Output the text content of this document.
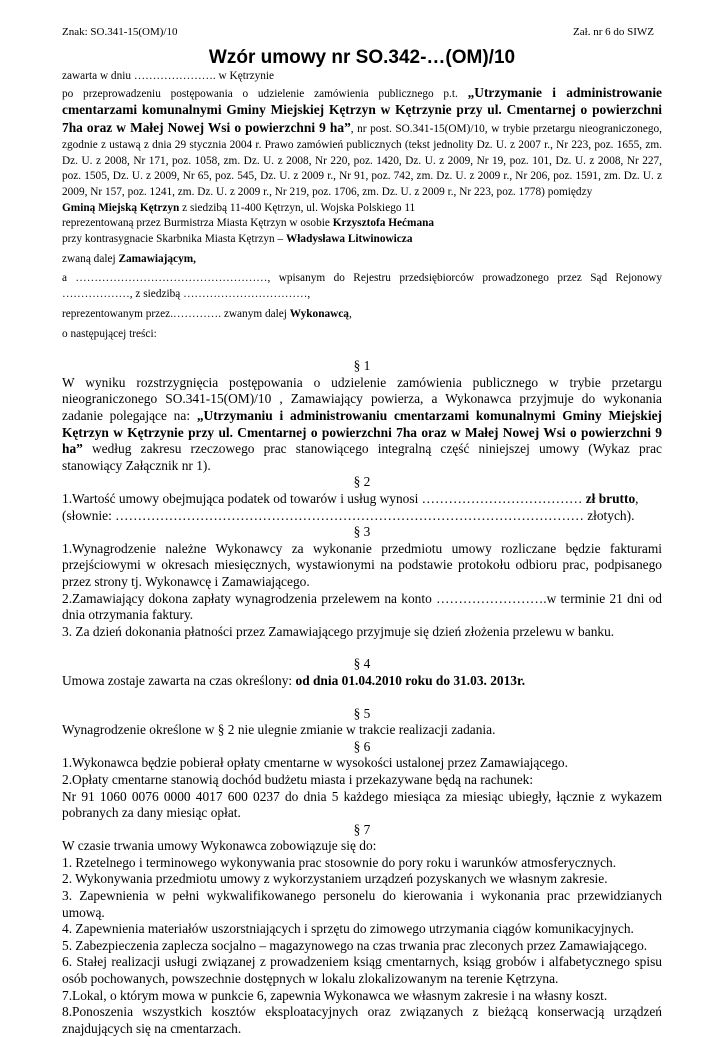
Znak: SO.341-15(OM)/10	Zał. nr 6 do SIWZ
Wzór umowy nr SO.342-…(OM)/10

zawarta w dniu …………………. w Kętrzynie

po przeprowadzeniu postępowania o udzielenie zamówienia publicznego p.t. „Utrzymanie i administrowanie cmentarzami komunalnymi Gminy Miejskiej Kętrzyn w Kętrzynie przy ul. Cmentarnej o powierzchni 7ha oraz w Małej Nowej Wsi o powierzchni 9 ha”, nr post. SO.341-15(OM)/10, w trybie przetargu nieograniczonego, zgodnie z ustawą z dnia 29 stycznia 2004 r. Prawo zamówień publicznych (tekst jednolity Dz. U. z 2007 r., Nr 223, poz. 1655, zm. Dz. U. z 2008, Nr 171, poz. 1058, zm. Dz. U. z 2008, Nr 220, poz. 1420, Dz. U. z 2009, Nr 19, poz. 101, Dz. U. z 2008, Nr 227, poz. 1505, Dz. U. z 2009, Nr 65, poz. 545, Dz. U. z 2009 r., Nr 91, poz. 742, zm. Dz. U. z 2009 r., Nr 206, poz. 1591, zm. Dz. U. z 2009, Nr 157, poz. 1241, zm. Dz. U. z 2009 r., Nr 219, poz. 1706, zm. Dz. U. z 2009 r., Nr 223, poz. 1778) pomiędzy

Gminą Miejską Kętrzyn z siedzibą 11-400 Kętrzyn, ul. Wojska Polskiego 11

reprezentowaną przez Burmistrza Miasta Kętrzyn w osobie Krzysztofa Hećmana

przy kontrasygnacie Skarbnika Miasta Kętrzyn – Władysława Litwinowicza

zwaną dalej Zamawiającym,

a ……………………………………………, wpisanym do Rejestru przedsiębiorców prowadzonego przez Sąd Rejonowy ………………, z siedzibą ……………………………,

reprezentowanym przez.…………. zwanym dalej Wykonawcą,

o następującej treści:

§ 1

W wyniku rozstrzygnięcia postępowania o udzielenie zamówienia publicznego w trybie przetargu nieograniczonego SO.341-15(OM)/10 , Zamawiający powierza, a Wykonawca przyjmuje do wykonania zadanie polegające na: „Utrzymaniu i administrowaniu cmentarzami komunalnymi Gminy Miejskiej Kętrzyn w Kętrzynie przy ul. Cmentarnej o powierzchni 7ha oraz w Małej Nowej Wsi o powierzchni 9 ha” według zakresu rzeczowego prac stanowiącego integralną część niniejszej umowy (Wykaz prac stanowiący Załącznik nr 1).

§ 2

1.Wartość umowy obejmująca podatek od towarów i usług wynosi ……………………………… zł brutto,

(słownie: …………………………………………………………………………………………… złotych).

§ 3

1.Wynagrodzenie należne Wykonawcy za wykonanie przedmiotu umowy rozliczane będzie fakturami przejściowymi w okresach miesięcznych, wystawionymi na podstawie protokołu odbioru prac, podpisanego przez strony tj. Wykonawcę i Zamawiającego.

2.Zamawiający dokona zapłaty wynagrodzenia przelewem na konto …………………….w terminie 21 dni od dnia otrzymania faktury.

3. Za dzień dokonania płatności przez Zamawiającego przyjmuje się dzień złożenia przelewu w banku.

§ 4

Umowa zostaje zawarta na czas określony: od dnia 01.04.2010 roku do 31.03. 2013r.

§ 5

Wynagrodzenie określone w § 2 nie ulegnie zmianie w trakcie realizacji zadania.

§ 6

1.Wykonawca będzie pobierał opłaty cmentarne w wysokości ustalonej przez Zamawiającego.

2.Opłaty cmentarne stanowią dochód budżetu miasta i przekazywane będą na rachunek:

Nr 91 1060 0076 0000 4017 600 0237 do dnia 5 każdego miesiąca za miesiąc ubiegły, łącznie z wykazem pobranych za dany miesiąc opłat.

§ 7

W czasie trwania umowy Wykonawca zobowiązuje się do:

1. Rzetelnego i terminowego wykonywania prac stosownie do pory roku i warunków atmosferycznych.

2. Wykonywania przedmiotu umowy z wykorzystaniem urządzeń pozyskanych we własnym zakresie.

3. Zapewnienia w pełni wykwalifikowanego personelu do kierowania i wykonania prac przewidzianych umową.

4. Zapewnienia materiałów uszorstniających i sprzętu do zimowego utrzymania ciągów komunikacyjnych.

5. Zabezpieczenia zaplecza socjalno – magazynowego na czas trwania prac zleconych przez Zamawiającego.

6. Stałej realizacji usługi związanej z prowadzeniem ksiąg cmentarnych, ksiąg grobów i alfabetycznego spisu osób pochowanych, powszechnie dostępnych w lokalu zlokalizowanym na terenie Kętrzyna.

7.Lokal, o którym mowa w punkcie 6, zapewnia Wykonawca we własnym zakresie i na własny koszt.

8.Ponoszenia wszystkich kosztów eksploatacyjnych oraz związanych z bieżącą konserwacją urządzeń znajdujących się na cmentarzach.
